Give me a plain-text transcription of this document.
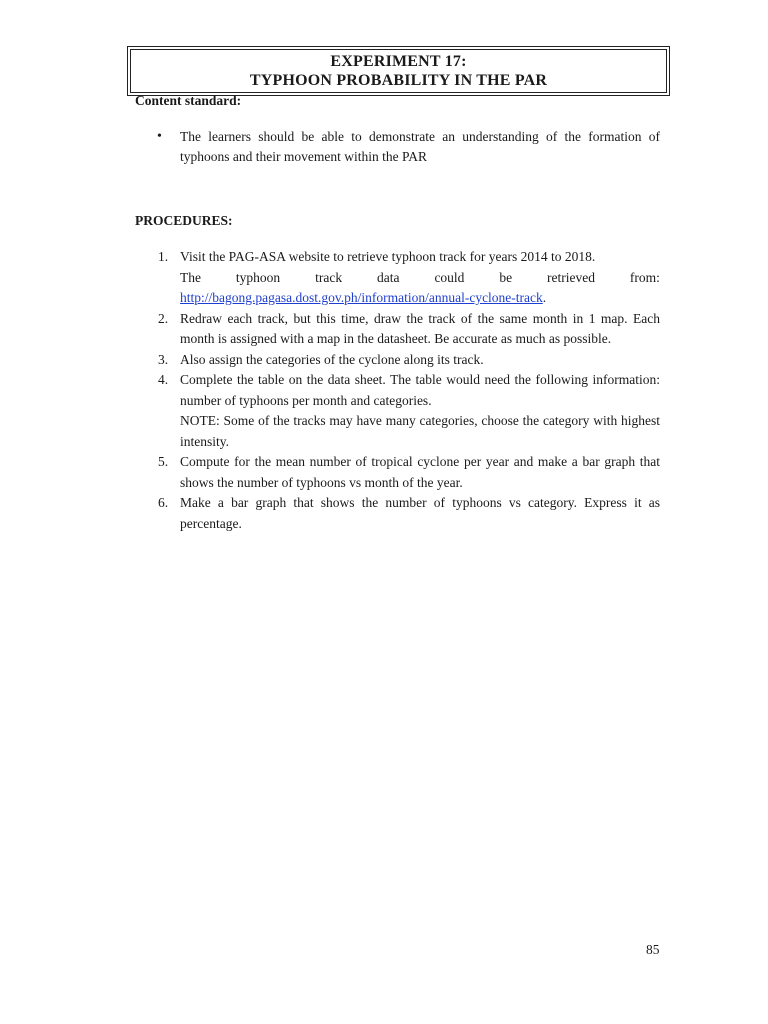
EXPERIMENT 17:
TYPHOON PROBABILITY IN THE PAR
Content standard:
• The learners should be able to demonstrate an understanding of the formation of typhoons and their movement within the PAR
PROCEDURES:
1. Visit the PAG-ASA website to retrieve typhoon track for years 2014 to 2018.
The	typhoon	track	data	could	be	retrieved	from:
http://bagong.pagasa.dost.gov.ph/information/annual-cyclone-track.
2. Redraw each track, but this time, draw the track of the same month in 1 map. Each month is assigned with a map in the datasheet. Be accurate as much as possible.
3. Also assign the categories of the cyclone along its track.
4. Complete the table on the data sheet. The table would need the following information: number of typhoons per month and categories.
NOTE: Some of the tracks may have many categories, choose the category with highest intensity.
5. Compute for the mean number of tropical cyclone per year and make a bar graph that shows the number of typhoons vs month of the year.
6. Make a bar graph that shows the number of typhoons vs category. Express it as percentage.
85
